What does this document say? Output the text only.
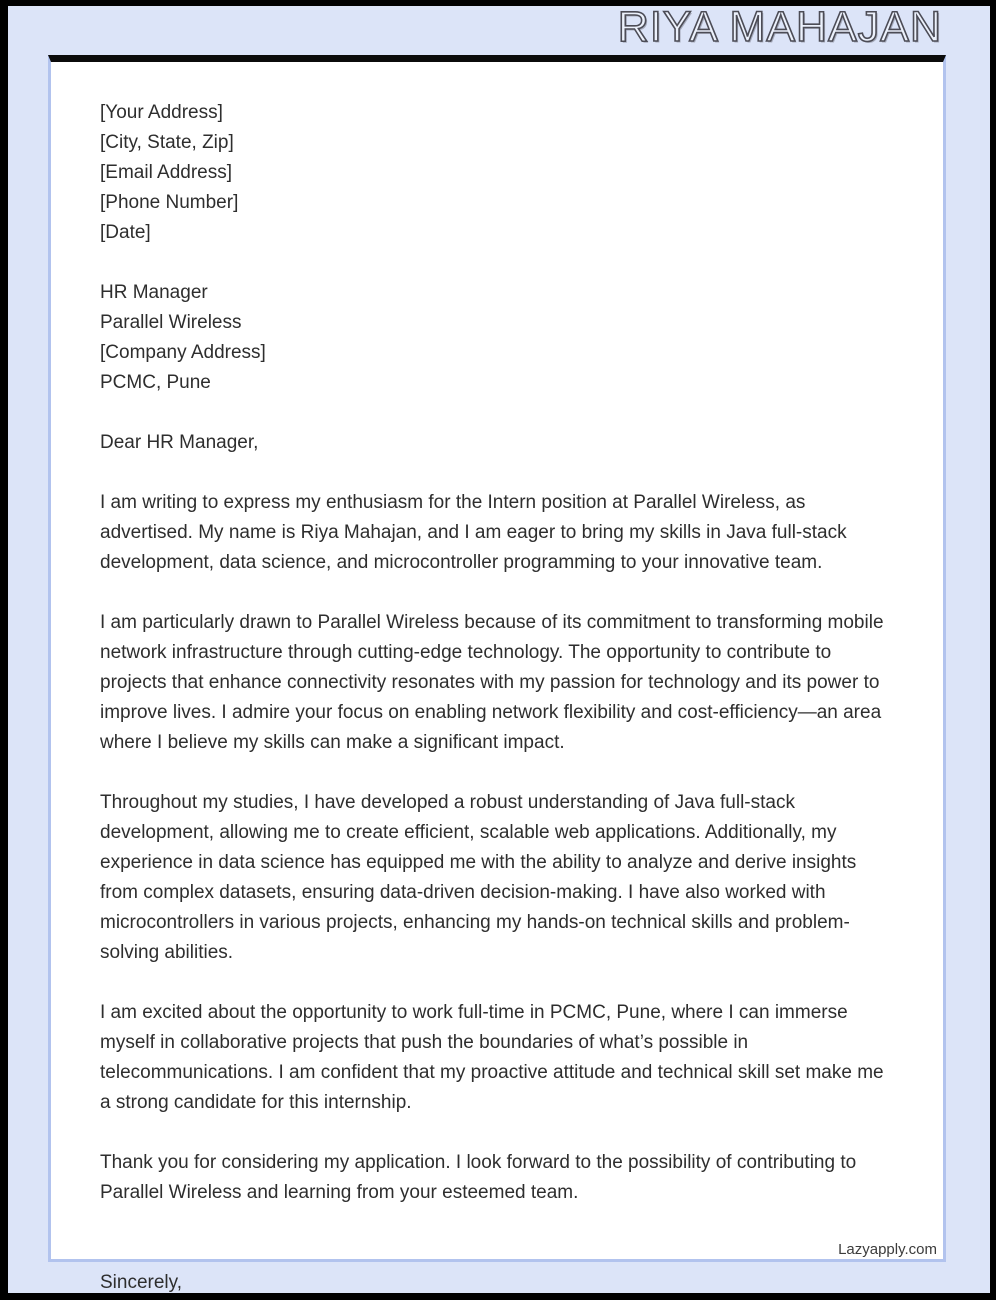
RIYA MAHAJAN
[Your Address]
[City, State, Zip]
[Email Address]
[Phone Number]
[Date]
HR Manager
Parallel Wireless
[Company Address]
PCMC, Pune
Dear HR Manager,

I am writing to express my enthusiasm for the Intern position at Parallel Wireless, as advertised. My name is Riya Mahajan, and I am eager to bring my skills in Java full-stack development, data science, and microcontroller programming to your innovative team.

I am particularly drawn to Parallel Wireless because of its commitment to transforming mobile network infrastructure through cutting-edge technology. The opportunity to contribute to projects that enhance connectivity resonates with my passion for technology and its power to improve lives. I admire your focus on enabling network flexibility and cost-efficiency—an area where I believe my skills can make a significant impact.

Throughout my studies, I have developed a robust understanding of Java full-stack development, allowing me to create efficient, scalable web applications. Additionally, my experience in data science has equipped me with the ability to analyze and derive insights from complex datasets, ensuring data-driven decision-making. I have also worked with microcontrollers in various projects, enhancing my hands-on technical skills and problem-solving abilities.

I am excited about the opportunity to work full-time in PCMC, Pune, where I can immerse myself in collaborative projects that push the boundaries of what’s possible in telecommunications. I am confident that my proactive attitude and technical skill set make me a strong candidate for this internship.

Thank you for considering my application. I look forward to the possibility of contributing to Parallel Wireless and learning from your esteemed team.

Lazyapply.com
Sincerely,
